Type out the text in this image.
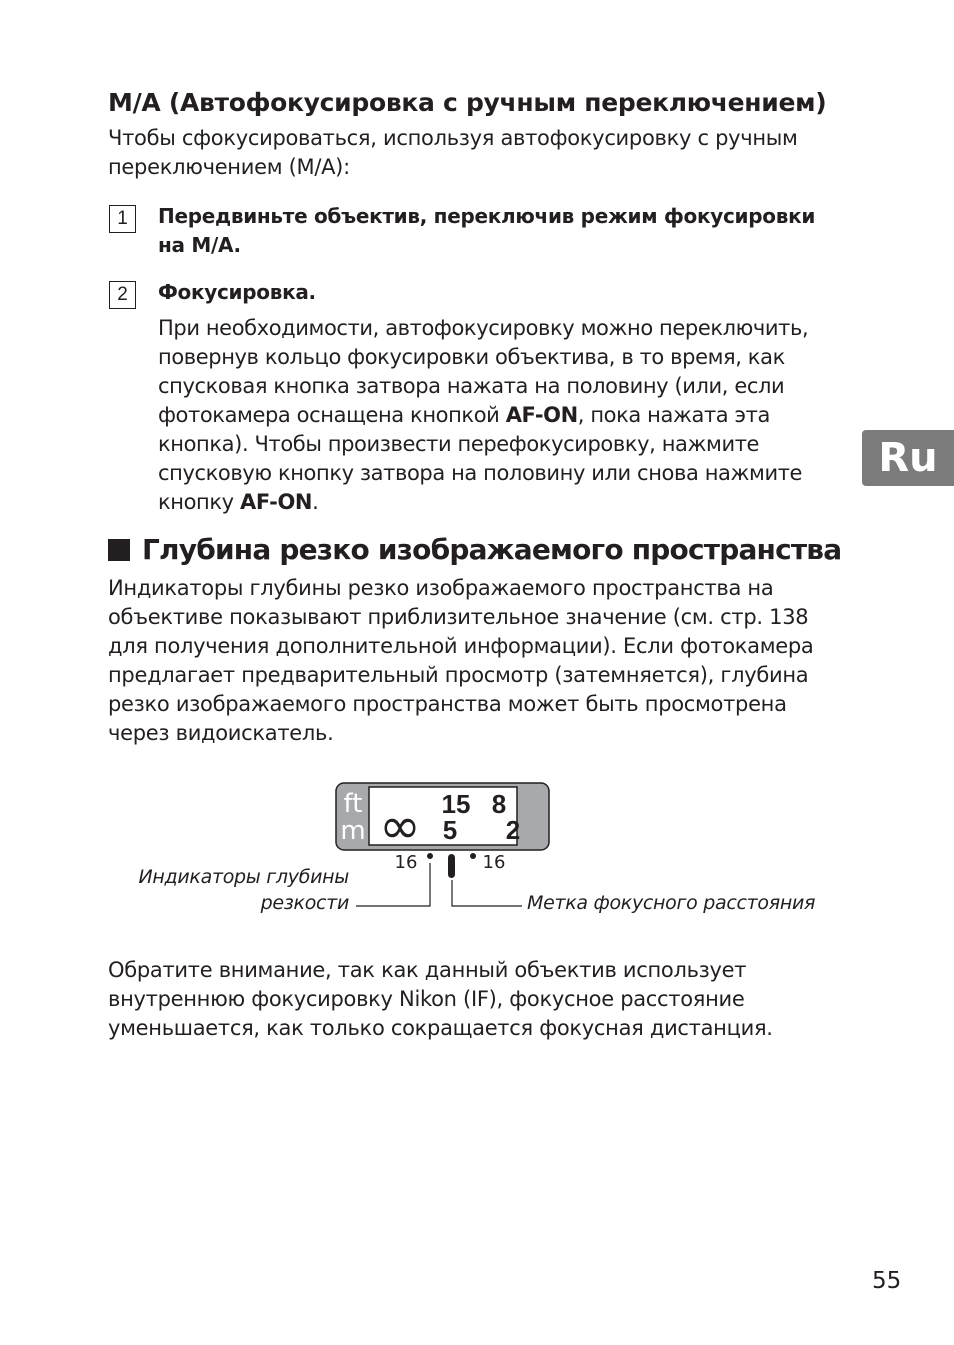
M/A (Автофокусировка с ручным переключением)

Чтобы сфокусироваться, используя автофокусировку с ручным
переключением (M/A):

1	Передвиньте объектив, переключив режим фокусировки
на M/A.

2	Фокусировка.

При необходимости, автофокусировку можно переключить,
повернув кольцо фокусировки объектива, в то время, как
спусковая кнопка затвора нажата на половину (или, если
фотокамера оснащена кнопкой AF-ON, пока нажата эта
кнопка). Чтобы произвести перефокусировку, нажмите
спусковую кнопку затвора на половину или снова нажмите
кнопку AF-ON.

Глубина резко изображаемого пространства

Индикаторы глубины резко изображаемого пространства на
объективе показывают приблизительное значение (см. стр. 138
для получения дополнительной информации). Если фотокамера
предлагает предварительный просмотр (затемняется), глубина
резко изображаемого пространства может быть просмотрена
через видоискатель.

ft
m ∞ 15 8
5 2
16	16
Индикаторы глубины
резкости	Метка фокусного расстояния

Обратите внимание, так как данный объектив использует
внутреннюю фокусировку Nikon (IF), фокусное расстояние
уменьшается, как только сокращается фокусная дистанция.

Ru

55
